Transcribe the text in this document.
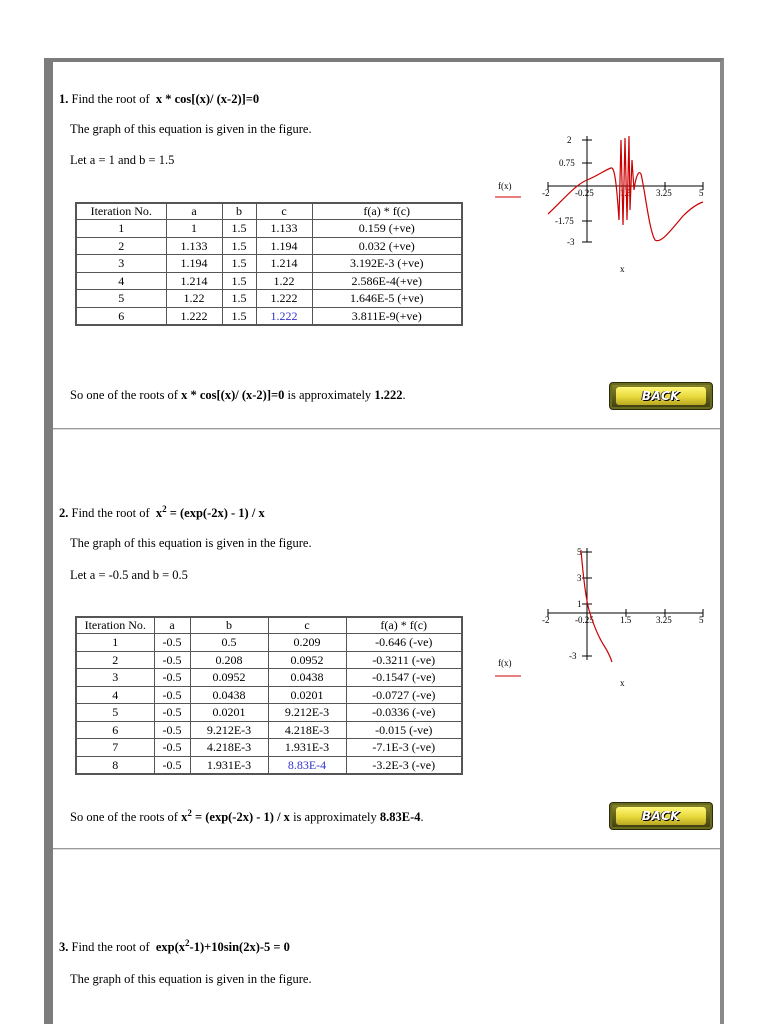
1. Find the root of x * cos[(x)/ (x-2)]=0
The graph of this equation is given in the figure.
Let a = 1 and b = 1.5
Iteration No.	a	b	c	f(a) * f(c)
1	1	1.5	1.133	0.159 (+ve)
2	1.133	1.5	1.194	0.032 (+ve)
3	1.194	1.5	1.214	3.192E-3 (+ve)
4	1.214	1.5	1.22	2.586E-4(+ve)
5	1.22	1.5	1.222	1.646E-5 (+ve)
6	1.222	1.5	1.222	3.811E-9(+ve)
2
0.75
-1.75
-3
-2	-0.25	1.5	3.25	5
f(x)
x
So one of the roots of x * cos[(x)/ (x-2)]=0 is approximately 1.222.	BACK
2. Find the root of $x^2 = (\exp(-2x) - 1) / x$
The graph of this equation is given in the figure.
Let a = -0.5 and b = 0.5
Iteration No.	a	b	c	f(a) * f(c)
1	-0.5	0.5	0.209	-0.646 (-ve)
2	-0.5	0.208	0.0952	-0.3211 (-ve)
3	-0.5	0.0952	0.0438	-0.1547 (-ve)
4	-0.5	0.0438	0.0201	-0.0727 (-ve)
5	-0.5	0.0201	9.212E-3	-0.0336 (-ve)
6	-0.5	9.212E-3	4.218E-3	-0.015 (-ve)
7	-0.5	4.218E-3	1.931E-3	-7.1E-3 (-ve)
8	-0.5	1.931E-3	8.83E-4	-3.2E-3 (-ve)
5
3
1
-3
-2	-0.25	1.5	3.25	5
f(x)
x
So one of the roots of $x^2 = (\exp(-2x) - 1) / x$ is approximately 8.83E-4.	BACK
3. Find the root of $\exp(x^2-1)+10\sin(2x)-5 = 0$
The graph of this equation is given in the figure.
